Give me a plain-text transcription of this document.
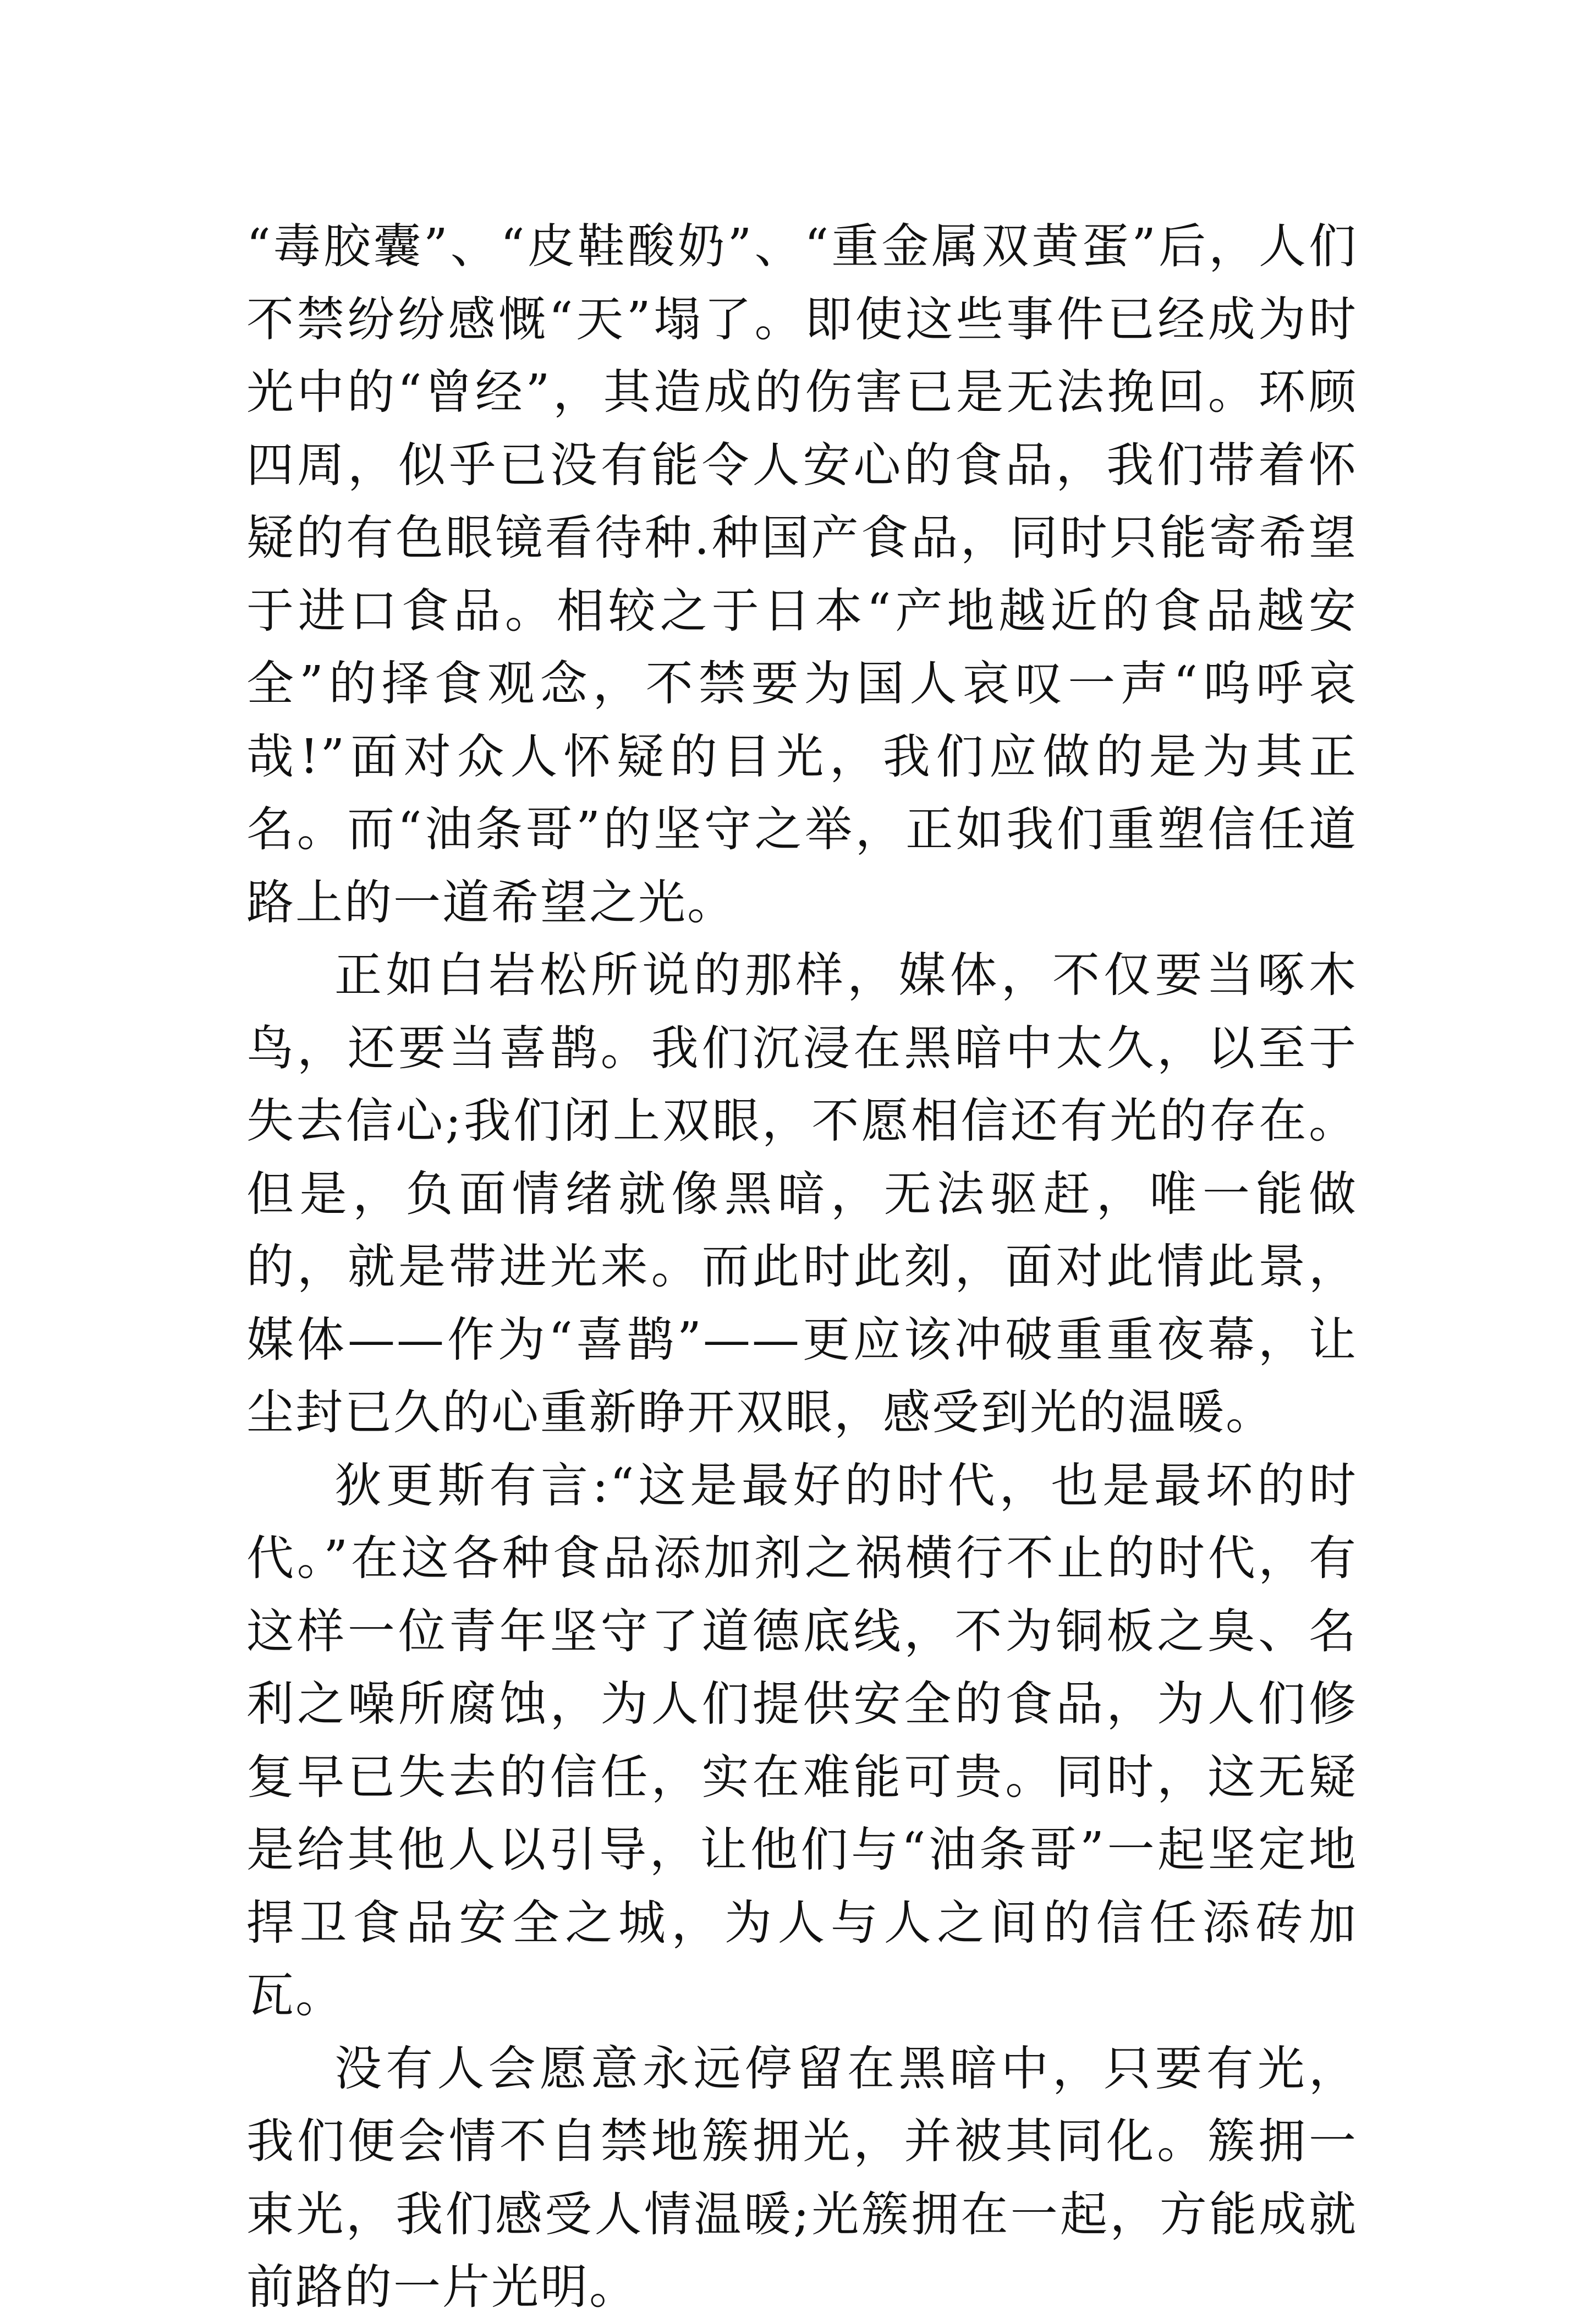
“毒胶囊”、“皮鞋酸奶”、“重金属双黄蛋”后，人们不禁纷纷感慨“天”塌了。即使这些事件已经成为时光中的“曾经”，其造成的伤害已是无法挽回。环顾四周，似乎已没有能令人安心的食品，我们带着怀疑的有色眼镜看待种.种国产食品，同时只能寄希望于进口食品。相较之于日本“产地越近的食品越安全”的择食观念，不禁要为国人哀叹一声“呜呼哀哉!”面对众人怀疑的目光，我们应做的是为其正名。而“油条哥”的坚守之举，正如我们重塑信任道路上的一道希望之光。

正如白岩松所说的那样，媒体，不仅要当啄木鸟，还要当喜鹊。我们沉浸在黑暗中太久，以至于失去信心;我们闭上双眼，不愿相信还有光的存在。但是，负面情绪就像黑暗，无法驱赶，唯一能做的，就是带进光来。而此时此刻，面对此情此景，媒体——作为“喜鹊”——更应该冲破重重夜幕，让尘封已久的心重新睁开双眼，感受到光的温暖。

狄更斯有言:“这是最好的时代，也是最坏的时代。”在这各种食品添加剂之祸横行不止的时代，有这样一位青年坚守了道德底线，不为铜板之臭、名利之噪所腐蚀，为人们提供安全的食品，为人们修复早已失去的信任，实在难能可贵。同时，这无疑是给其他人以引导，让他们与“油条哥”一起坚定地捍卫食品安全之城，为人与人之间的信任添砖加瓦。

没有人会愿意永远停留在黑暗中，只要有光，我们便会情不自禁地簇拥光，并被其同化。簇拥一束光，我们感受人情温暖;光簇拥在一起，方能成就前路的一片光明。
